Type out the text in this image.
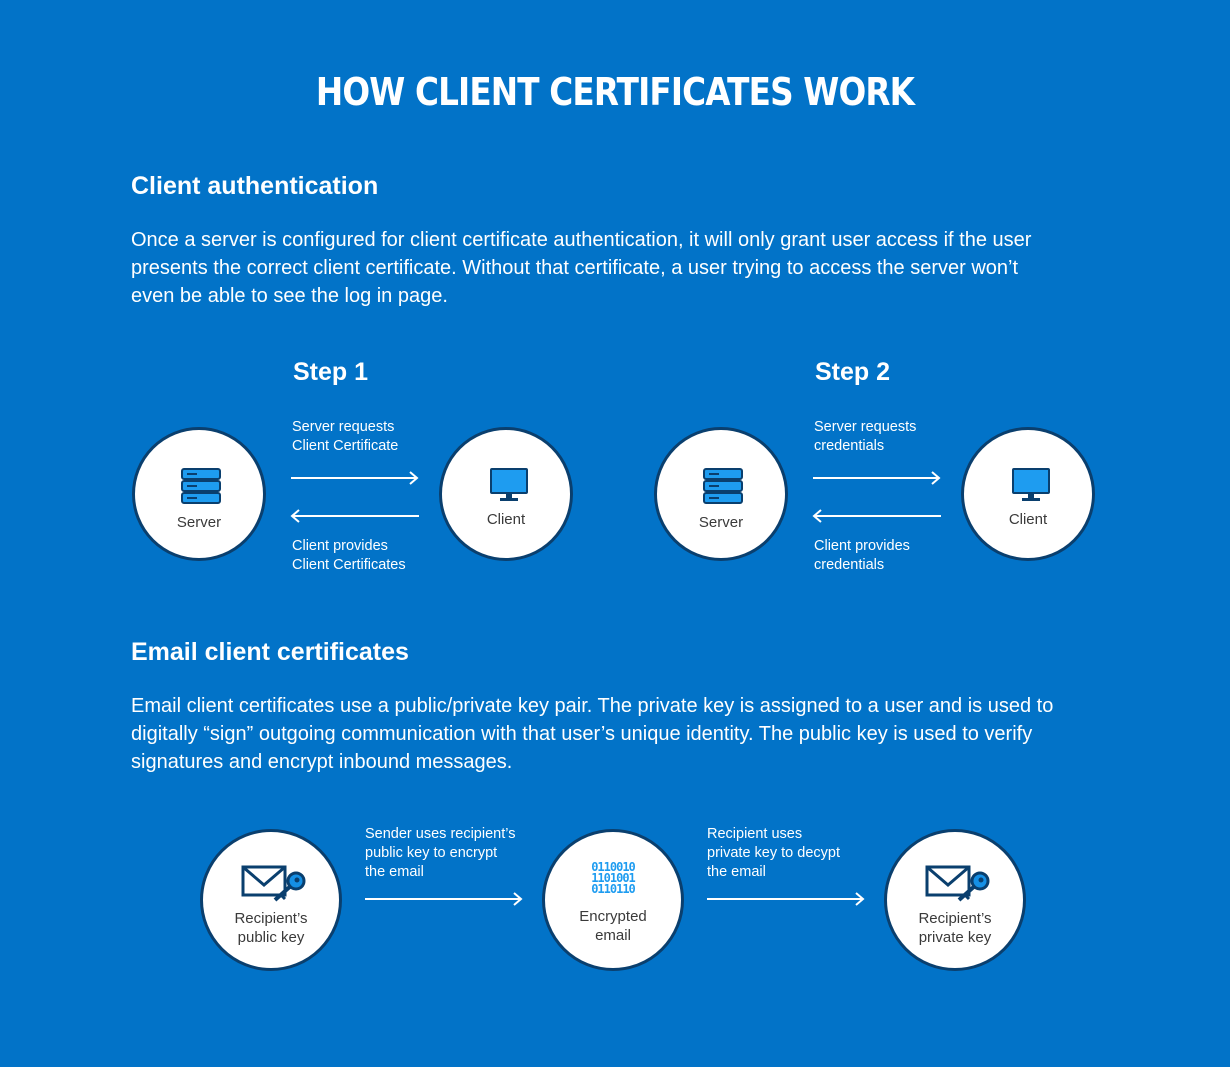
HOW CLIENT CERTIFICATES WORK
Client authentication
Once a server is configured for client certificate authentication, it will only grant user access if the user
presents the correct client certificate. Without that certificate, a user trying to access the server won’t
even be able to see the log in page.
Step 1
Server
Server requests
Client Certificate
Client provides
Client Certificates
Client
Step 2
Server
Server requests
credentials
Client provides
credentials
Client
Email client certificates
Email client certificates use a public/private key pair. The private key is assigned to a user and is used to
digitally “sign” outgoing communication with that user’s unique identity. The public key is used to verify
signatures and encrypt inbound messages.
Recipient’s
public key
Sender uses recipient’s
public key to encrypt
the email	0110010
1101001
0110110
Encrypted
email
Recipient uses
private key to decypt
the email
Recipient’s
private key
